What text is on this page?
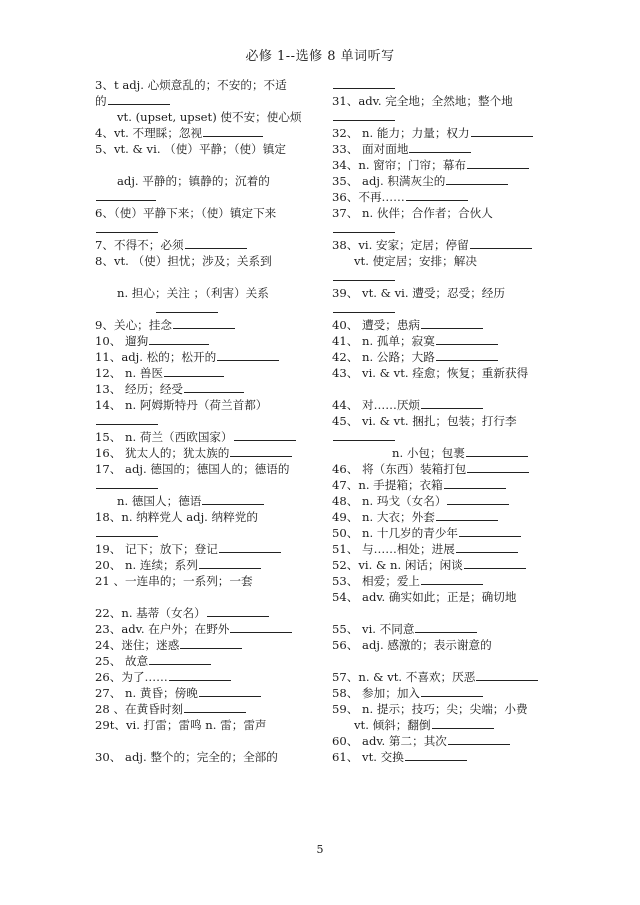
必修 1--选修 8 单词听写
3、t adj. 心烦意乱的；不安的；不适
的
vt. (upset, upset) 使不安；使心烦
4、vt. 不理睬；忽视
5、vt. & vi. （使）平静；（使）镇定

adj. 平静的；镇静的；沉着的
6、（使）平静下来；（使）镇定下来
7、不得不；必须
8、vt. （使）担忧；涉及；关系到

n. 担心；关注 ；（利害）关系
9、关心；挂念
10、 遛狗
11、adj. 松的；松开的
12、 n. 兽医
13、 经历；经受
14、 n. 阿姆斯特丹（荷兰首都）
15、 n. 荷兰（西欧国家）
16、 犹太人的；犹太族的
17、 adj. 德国的；德国人的；德语的
n. 德国人；德语
18、n. 纳粹党人 adj. 纳粹党的
19、 记下；放下；登记
20、 n. 连续；系列
21 、一连串的；一系列；一套

22、n. 基蒂（女名）
23、adv. 在户外；在野外
24、迷住；迷惑
25、 故意
26、为了……
27、 n. 黄昏；傍晚
28 、在黄昏时刻
29t、vi. 打雷；雷鸣 n. 雷；雷声

30、 adj. 整个的；完全的；全部的
31、adv. 完全地；全然地；整个地
32、 n. 能力；力量；权力
33、 面对面地
34、n. 窗帘；门帘；幕布
35、 adj. 积满灰尘的
36、不再……
37、 n. 伙伴；合作者；合伙人
38、vi. 安家；定居；停留
vt. 使定居；安排；解决
39、 vt. & vi. 遭受；忍受；经历
40、 遭受；患病
41、 n. 孤单；寂寞
42、 n. 公路；大路
43、 vi. & vt. 痊愈；恢复；重新获得

44、 对……厌烦
45、 vi. & vt. 捆扎；包装；打行李
n. 小包；包裹
46、 将（东西）装箱打包
47、n. 手提箱；衣箱
48、 n. 玛戈（女名）
49、 n. 大衣；外套
50、 n. 十几岁的青少年
51、 与……相处；进展
52、vi. & n. 闲话；闲谈
53、 相爱；爱上
54、 adv. 确实如此；正是；确切地

55、 vi. 不同意
56、 adj. 感激的；表示谢意的

57、n. & vt. 不喜欢；厌恶
58、 参加；加入
59、 n. 提示；技巧；尖；尖端；小费
vt. 倾斜；翻倒
60、 adv. 第二；其次
61、 vt. 交换
5
